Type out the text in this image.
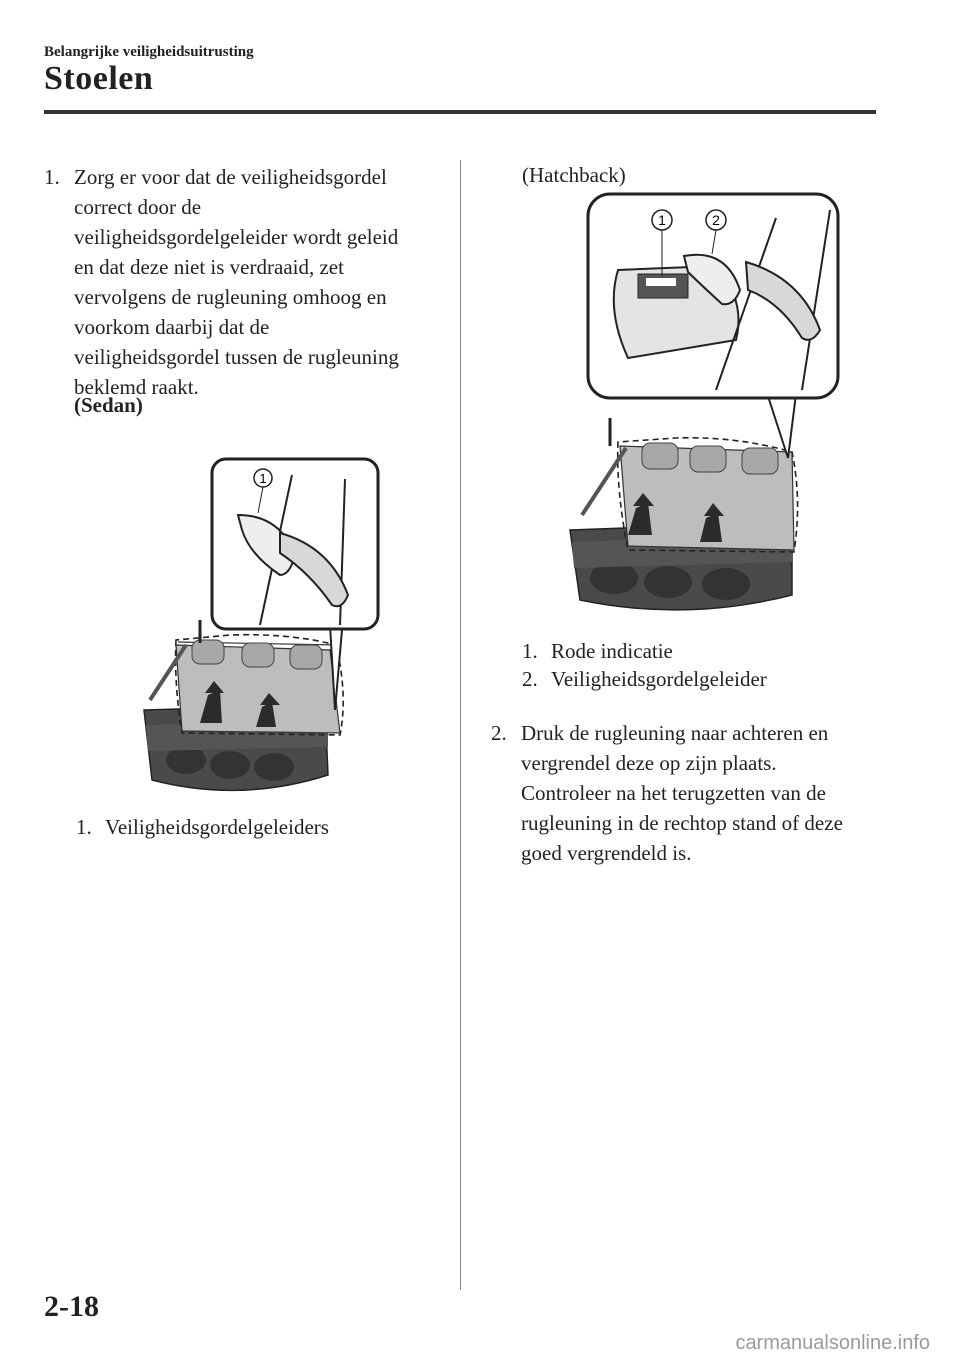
Belangrijke veiligheidsuitrusting
Stoelen
1. Zorg er voor dat de veiligheidsgordel
correct door de
veiligheidsgordelgeleider wordt geleid
en dat deze niet is verdraaid, zet
vervolgens de rugleuning omhoog en
voorkom daarbij dat de
veiligheidsgordel tussen de rugleuning
beklemd raakt.
(Sedan)
1
1. Veiligheidsgordelgeleiders
(Hatchback)
1	2
1. Rode indicatie
2. Veiligheidsgordelgeleider
2. Druk de rugleuning naar achteren en
vergrendel deze op zijn plaats.
Controleer na het terugzetten van de
rugleuning in de rechtop stand of deze
goed vergrendeld is.
2-18
carmanualsonline.info
